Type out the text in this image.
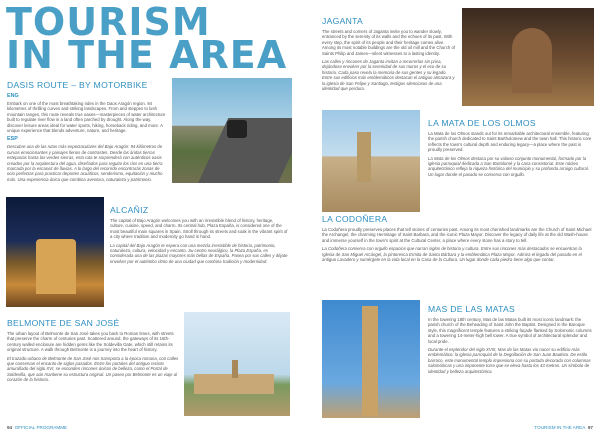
TOURISM
IN THE AREA
DASIS ROUTE – BY MOTORBIKE
ENG

Embark on one of the most breathtaking rides in the Daos Aragón region. 94 kilometres of thrilling curves and striking landscapes. From arid steppes to lush mountain ranges, this route reveals true oases—masterpieces of water architecture built to regulate river flow in a land often parched by drought. Along the way, discover leisure areas ideal for water sports, hiking, horseback riding, and more. A unique experience that blends adventure, nature, and heritage.

ESP

Descubre una de las rutas más espectaculares del Bajo Aragón: 94 kilómetros de curvas emocionantes y paisajes llenos de contrastes. Desde las áridas tierras esteparias hasta las verdes sierras, esta ruta te sorprenderá con auténticos oasis creados por la arquitectura del agua, diseñados para regular los ríos en una tierra marcada por la escasez de lluvias. A lo largo del recorrido encontrarás zonas de ocio perfectas para practicar deportes acuáticos, senderismo, equitación y mucho más. Una experiencia única que combina aventura, naturaleza y patrimonio.

ALCAÑIZ

The capital of Bajo Aragón welcomes you with an irresistible blend of history, heritage, culture, cuisine, speed, and charm. Its central hub, Plaza España, is considered one of the most beautiful main squares in Spain. Stroll through its streets and soak in the vibrant spirit of a city where tradition and modernity go hand in hand.

La capital del Bajo Aragón te espera con una mezcla irresistible de historia, patrimonio, naturaleza, cultura, velocidad y encanto. Su centro neurálgico, la Plaza España, es considerada una de las plazas mayores más bellas de España. Pasea por sus calles y déjate envolver por el auténtico ritmo de una ciudad que combina tradición y modernidad.

BELMONTE DE SAN JOSÉ

The urban layout of Belmonte de San José takes you back to Roman times, with streets that preserve the charm of centuries past. Scattered around, the gateways of its 16th-century walled enclosure are hidden gems like the Soldevilla Gate, which still retains its original structure. A walk through Belmonte is a journey into the heart of history.

El trazado urbano de Belmonte de San José nos transporta a la época romana, con calles que conservan el encanto de siglos pasados. Entre los portales del antiguo recinto amurallado del siglo XVI, se esconden rincones únicos de belleza, como el Portal de Soldevilla, que aún mantiene su estructura original. Un paseo por Belmonte es un viaje al corazón de la historia.

94 OFFICIAL PROGRAMME
JAGANTA

The streets and corners of Jaganta invite you to wander slowly, entranced by the serenity of its walls and the echoes of its past. With every step, the spirit of its people and their heritage comes alive. Among its most notable buildings are the old oil mill and the Church of Saints Philip and James—silent witnesses to a lasting identity.

Las calles y rincones de Jaganta invitan a recorrerlas sin prisa, dejándose envolver por la serenidad de sus muros y el eco de su historia. Cada paso revela la memoria de sus gentes y su legado. Entre sus edificios más emblemáticos destacan el antiguo almazara y la iglesia de San Felipe y Santiago, testigos silenciosos de una identidad que perdura.

LA MATA DE LOS OLMOS

La Mata de los Olmos stands out for its remarkable architectural ensemble, featuring the parish church dedicated to Saint Bartholomew and the town hall. This historic core reflects the town's cultural depth and enduring legacy—a place where the past is proudly preserved.

La Mata de los Olmos destaca por su valioso conjunto monumental, formado por la iglesia parroquial dedicada a San Bartolomé y la casa consistorial. Este núcleo arquitectónico refleja la riqueza histórica del municipio y su profunda arraigo cultural. Un lugar donde el pasado se conserva con orgullo.

LA CODOÑERA

La Codoñera proudly preserves places that tell stories of centuries past. Among its most cherished landmarks are the Church of Saint Michael the Archangel, the charming Hermitage of Saint Barbara, and the iconic Plaza Mayor. Discover the legacy of daily life at the old Wash-house and immerse yourself in the town's spirit at the Cultural Center, a place where every stone has a story to tell.

La Codoñera conserva con orgullo espacios que narran siglos de historia y cultura. Entre sus rincones más destacados se encuentran la Iglesia de San Miguel Arcángel, la pintoresca Ermita de Santa Bárbara y la emblemática Plaza Mayor. Admira el legado del pasado en el antiguo Lavadero y sumérgete en la vida local en la Casa de la Cultura. Un lugar donde cada piedra tiene algo que contar.

MAS DE LAS MATAS

In the towering 18th century, Mas de las Matas built its most iconic landmark: the parish church of the Beheading of Saint John the Baptist. Designed in the Baroque style, this magnificent temple features a striking façade flanked by Solomonic columns and a towering 14-meter-high bell tower. A true symbol of architectural splendor and local pride.

Durante el esplendor del siglo XVIII, Mas de las Matas vio nacer su edificio más emblemático: la iglesia parroquial de la Degollación de San Juan Bautista. De estilo barroco, este monumental templo impresiona con su portada decorada con columnas salomónicas y una imponente torre que se eleva hasta los 43 metros. Un símbolo de identidad y belleza arquitectónica.

TOURISM IN THE AREA 97
